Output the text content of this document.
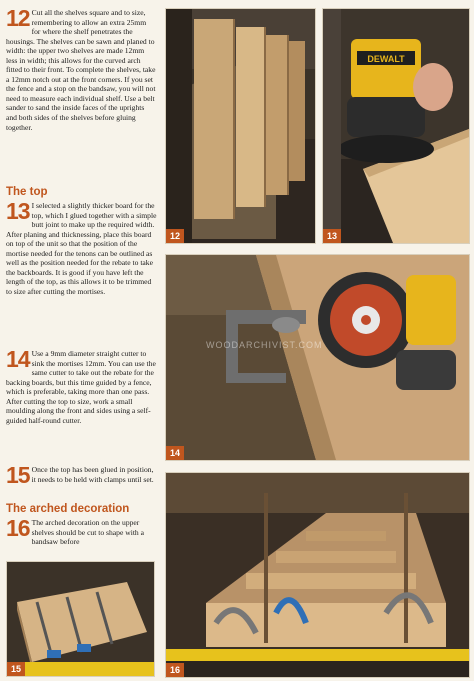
12 Cut all the shelves square and to size, remembering to allow an extra 25mm for where the shelf penetrates the housings. The shelves can be sawn and planed to width: the upper two shelves are made 12mm less in width; this allows for the curved arch fitted to their front. To complete the shelves, take a 12mm notch out at the front corners. If you set the fence and a stop on the bandsaw, you will not need to measure each individual shelf. Use a belt sander to sand the inside faces of the uprights and both sides of the shelves before gluing together.
12
DEWALT
13
The top
13 I selected a slightly thicker board for the top, which I glued together with a simple butt joint to make up the required width. After planing and thicknessing, place this board on top of the unit so that the position of the mortise needed for the tenons can be outlined as well as the position needed for the rebate to take the backboards. It is good if you have left the length of the top, as this allows it to be trimmed to size after cutting the mortises.
WOODARCHIVIST.COM
14
14 Use a 9mm diameter straight cutter to sink the mortises 12mm. You can use the same cutter to take out the rebate for the backing boards, but this time guided by a fence, which is preferable, taking more than one pass. After cutting the top to size, work a small moulding along the front and sides using a self-guided half-round cutter.
15 Once the top has been glued in position, it needs to be held with clamps until set.
The arched decoration
16 The arched decoration on the upper shelves should be cut to shape with a bandsaw before
15	16
